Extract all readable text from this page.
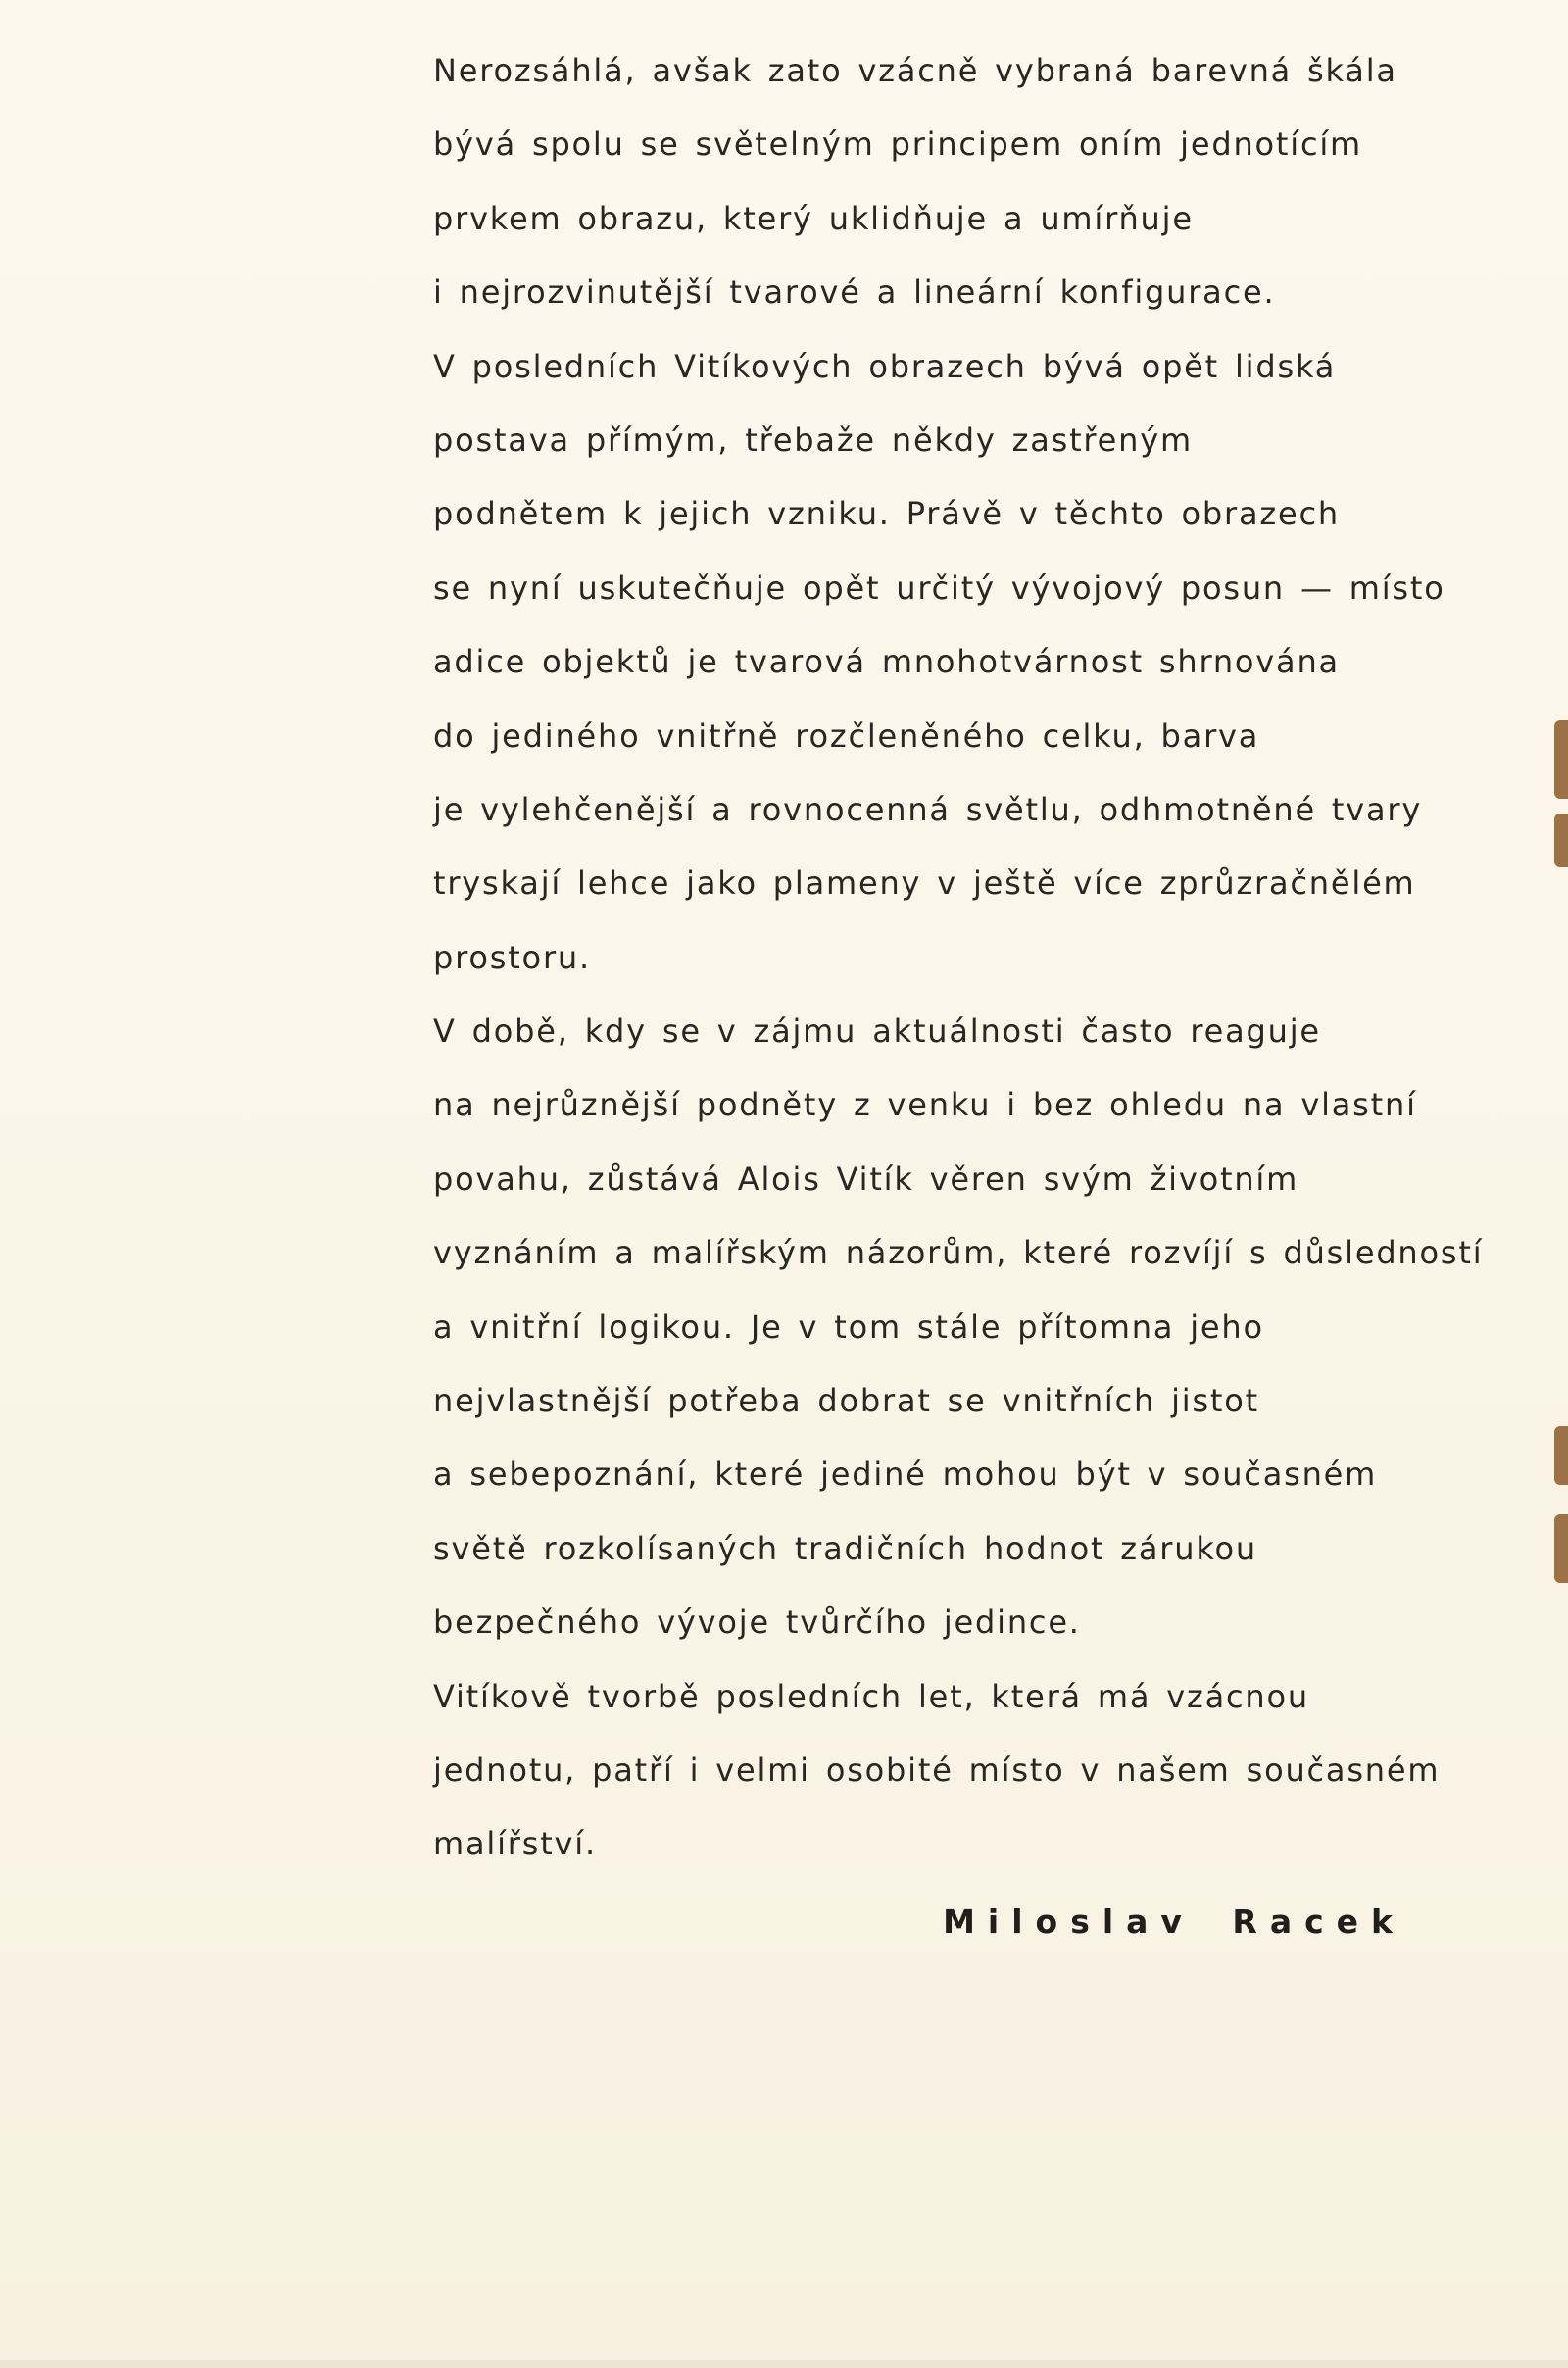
Nerozsáhlá, avšak zato vzácně vybraná barevná škála
bývá spolu se světelným principem oním jednotícím
prvkem obrazu, který uklidňuje a umírňuje
i nejrozvinutější tvarové a lineární konfigurace.
V posledních Vitíkových obrazech bývá opět lidská
postava přímým, třebaže někdy zastřeným
podnětem k jejich vzniku. Právě v těchto obrazech
se nyní uskutečňuje opět určitý vývojový posun — místo
adice objektů je tvarová mnohotvárnost shrnována
do jediného vnitřně rozčleněného celku, barva
je vylehčenější a rovnocenná světlu, odhmotněné tvary
tryskají lehce jako plameny v ještě více zprůzračnělém
prostoru.
V době, kdy se v zájmu aktuálnosti často reaguje
na nejrůznější podněty z venku i bez ohledu na vlastní
povahu, zůstává Alois Vitík věren svým životním
vyznáním a malířským názorům, které rozvíjí s důsledností
a vnitřní logikou. Je v tom stále přítomna jeho
nejvlastnější potřeba dobrat se vnitřních jistot
a sebepoznání, které jediné mohou být v současném
světě rozkolísaných tradičních hodnot zárukou
bezpečného vývoje tvůrčího jedince.
Vitíkově tvorbě posledních let, která má vzácnou
jednotu, patří i velmi osobité místo v našem současném
malířství.
Miloslav Racek
